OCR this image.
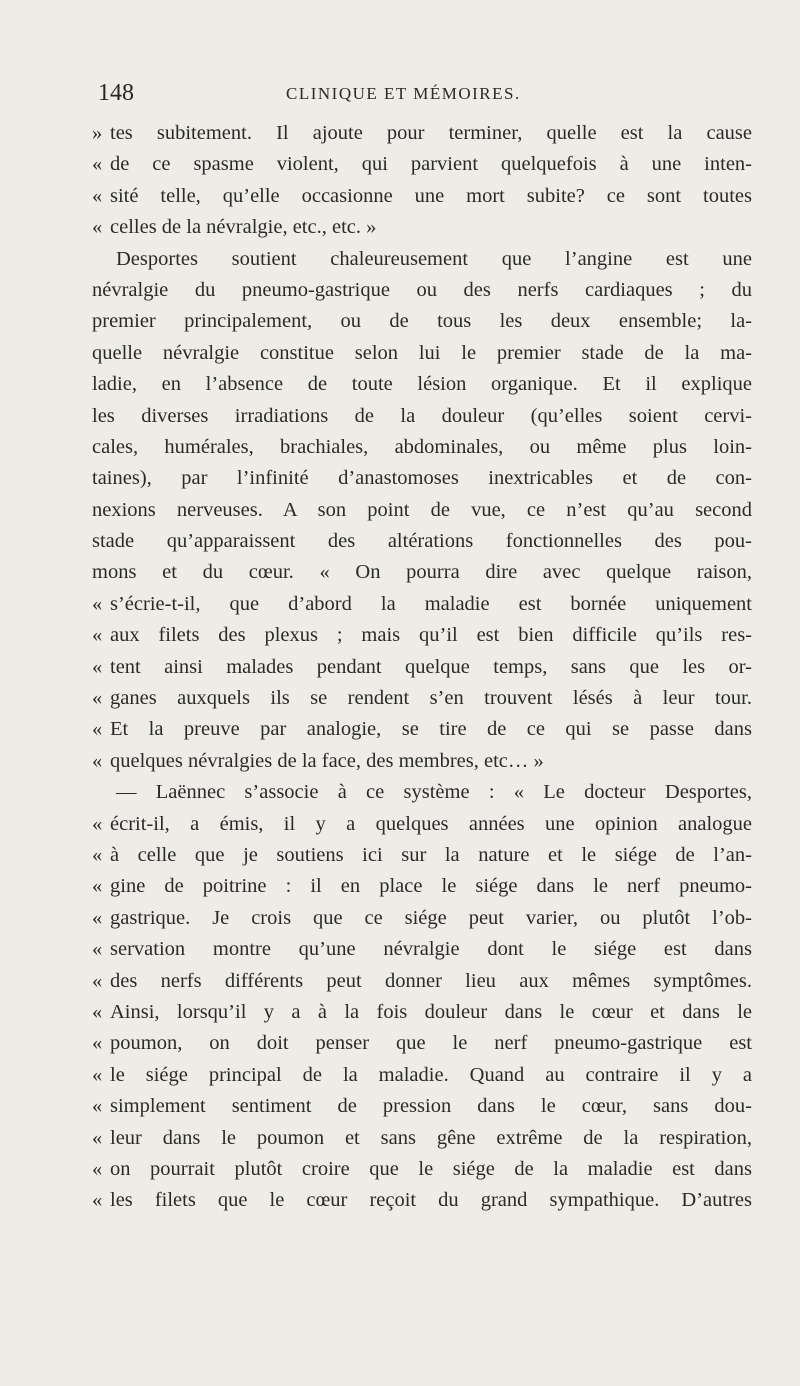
148	CLINIQUE ET MÉMOIRES.
» tes subitement. Il ajoute pour terminer, quelle est la cause
« de ce spasme violent, qui parvient quelquefois à une inten-
« sité telle, qu’elle occasionne une mort subite? ce sont toutes
« celles de la névralgie, etc., etc. »
Desportes soutient chaleureusement que l’angine est une
névralgie du pneumo-gastrique ou des nerfs cardiaques ; du
premier principalement, ou de tous les deux ensemble; la-
quelle névralgie constitue selon lui le premier stade de la ma-
ladie, en l’absence de toute lésion organique. Et il explique
les diverses irradiations de la douleur (qu’elles soient cervi-
cales, humérales, brachiales, abdominales, ou même plus loin-
taines), par l’infinité d’anastomoses inextricables et de con-
nexions nerveuses. A son point de vue, ce n’est qu’au second
stade qu’apparaissent des altérations fonctionnelles des pou-
mons et du cœur. « On pourra dire avec quelque raison,
« s’écrie-t-il, que d’abord la maladie est bornée uniquement
« aux filets des plexus ; mais qu’il est bien difficile qu’ils res-
« tent ainsi malades pendant quelque temps, sans que les or-
« ganes auxquels ils se rendent s’en trouvent lésés à leur tour.
« Et la preuve par analogie, se tire de ce qui se passe dans
« quelques névralgies de la face, des membres, etc… »
— Laënnec s’associe à ce système : « Le docteur Desportes,
« écrit-il, a émis, il y a quelques années une opinion analogue
« à celle que je soutiens ici sur la nature et le siége de l’an-
« gine de poitrine : il en place le siége dans le nerf pneumo-
« gastrique. Je crois que ce siége peut varier, ou plutôt l’ob-
« servation montre qu’une névralgie dont le siége est dans
« des nerfs différents peut donner lieu aux mêmes symptômes.
« Ainsi, lorsqu’il y a à la fois douleur dans le cœur et dans le
« poumon, on doit penser que le nerf pneumo-gastrique est
« le siége principal de la maladie. Quand au contraire il y a
« simplement sentiment de pression dans le cœur, sans dou-
« leur dans le poumon et sans gêne extrême de la respiration,
« on pourrait plutôt croire que le siége de la maladie est dans
« les filets que le cœur reçoit du grand sympathique. D’autres
